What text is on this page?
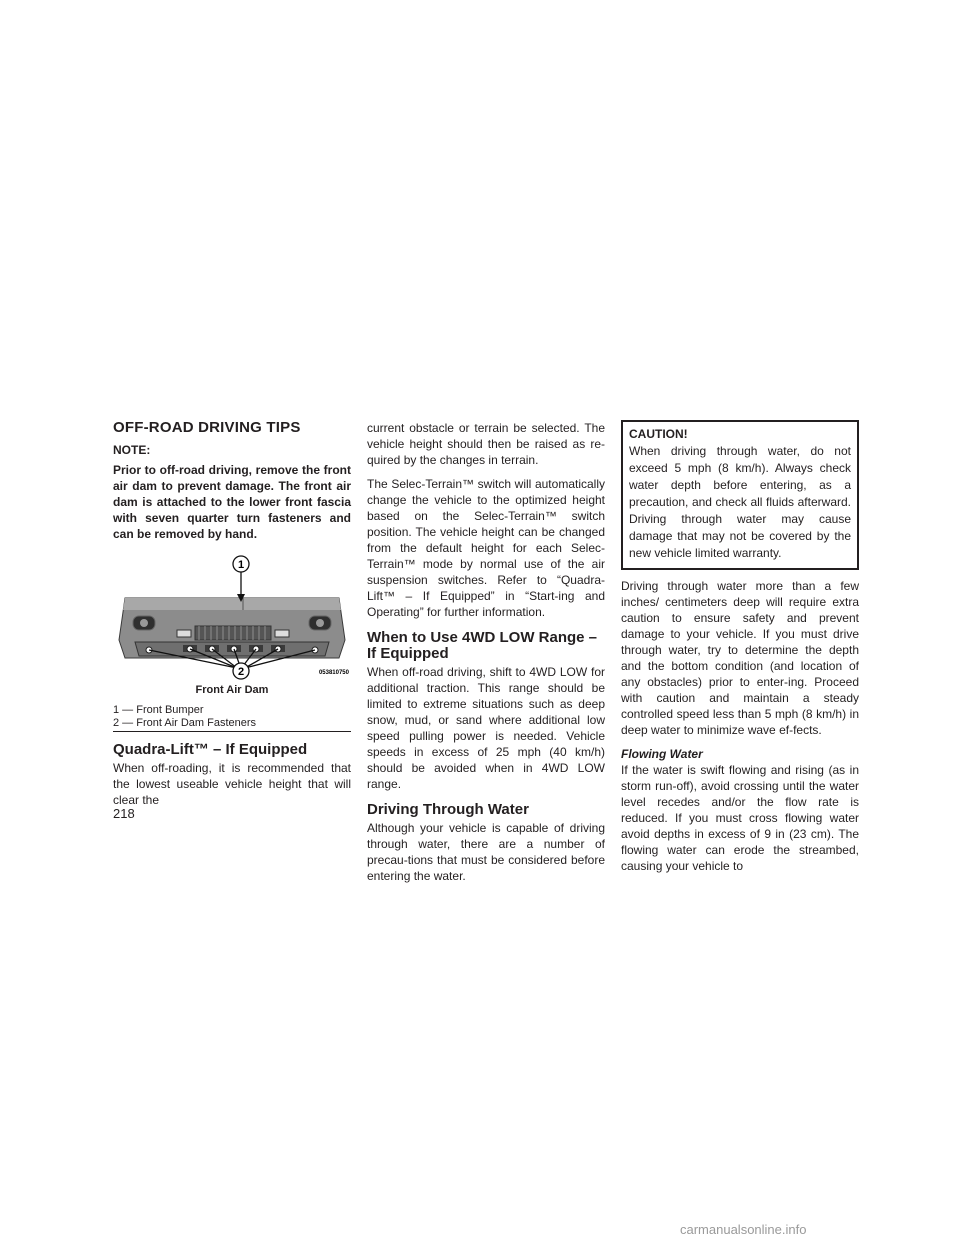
OFF-ROAD DRIVING TIPS

NOTE:

Prior to off-road driving, remove the front air dam to prevent damage. The front air dam is attached to the lower front fascia with seven quarter turn fasteners and can be removed by hand.

1
2	053810750
Front Air Dam
1 — Front Bumper
2 — Front Air Dam Fasteners
Quadra-Lift™ – If Equipped

When off-roading, it is recommended that the lowest useable vehicle height that will clear the

current obstacle or terrain be selected. The vehicle height should then be raised as re-quired by the changes in terrain.

The Selec-Terrain™ switch will automatically change the vehicle to the optimized height based on the Selec-Terrain™ switch position. The vehicle height can be changed from the default height for each Selec-Terrain™ mode by normal use of the air suspension switches. Refer to “Quadra-Lift™ – If Equipped” in “Start-ing and Operating” for further information.

When to Use 4WD LOW Range – If Equipped

When off-road driving, shift to 4WD LOW for additional traction. This range should be limited to extreme situations such as deep snow, mud, or sand where additional low speed pulling power is needed. Vehicle speeds in excess of 25 mph (40 km/h) should be avoided when in 4WD LOW range.

Driving Through Water

Although your vehicle is capable of driving through water, there are a number of precau-tions that must be considered before entering the water.

CAUTION!
When driving through water, do not exceed 5 mph (8 km/h). Always check water depth before entering, as a precaution, and check all fluids afterward. Driving through water may cause damage that may not be covered by the new vehicle limited warranty.

Driving through water more than a few inches/ centimeters deep will require extra caution to ensure safety and prevent damage to your vehicle. If you must drive through water, try to determine the depth and the bottom condition (and location of any obstacles) prior to enter-ing. Proceed with caution and maintain a steady controlled speed less than 5 mph (8 km/h) in deep water to minimize wave ef-fects.

Flowing Water

If the water is swift flowing and rising (as in storm run-off), avoid crossing until the water level recedes and/or the flow rate is reduced. If you must cross flowing water avoid depths in excess of 9 in (23 cm). The flowing water can erode the streambed, causing your vehicle to

218
carmanualsonline.info
